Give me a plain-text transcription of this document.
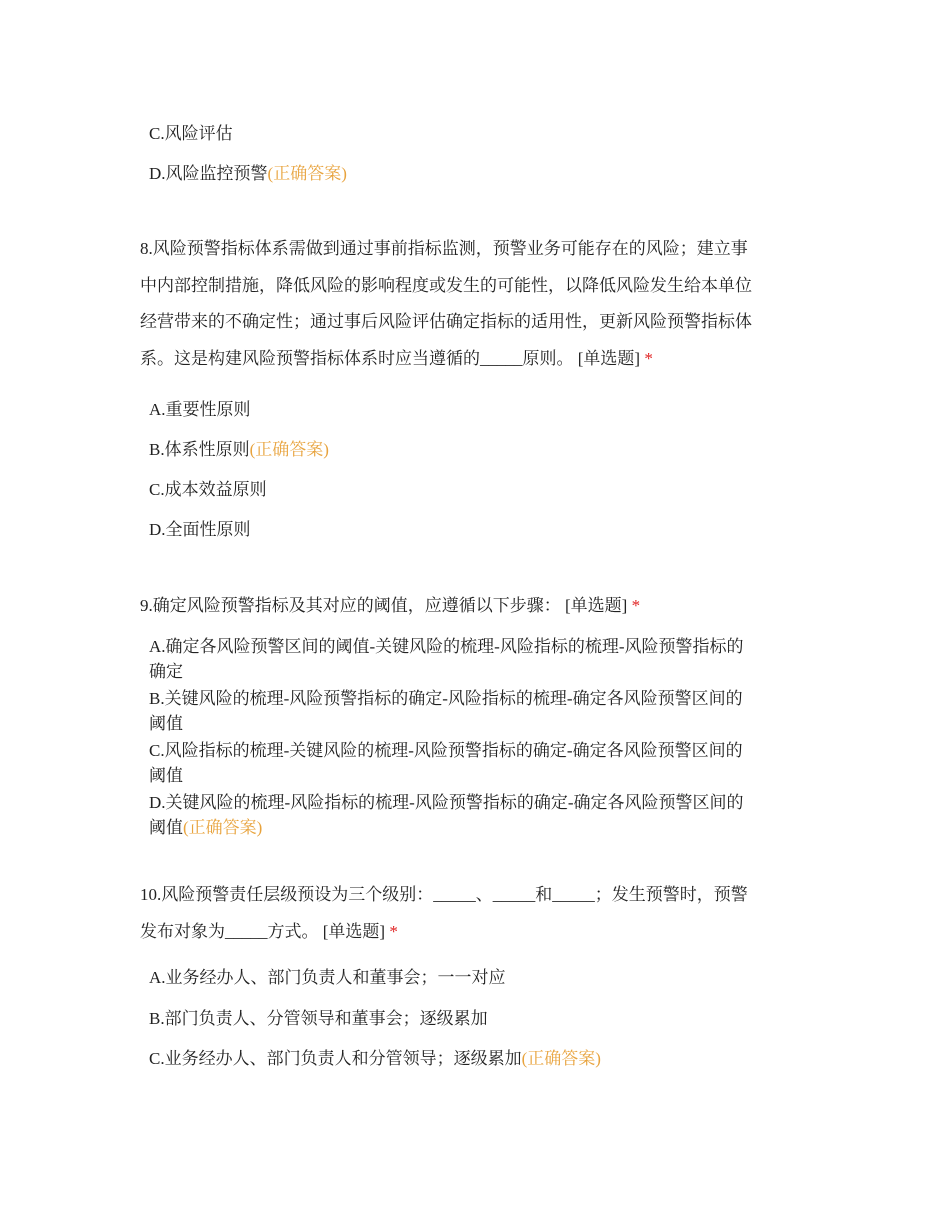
C.风险评估
D.风险监控预警(正确答案)
8.风险预警指标体系需做到通过事前指标监测，预警业务可能存在的风险；建立事
中内部控制措施，降低风险的影响程度或发生的可能性，以降低风险发生给本单位
经营带来的不确定性；通过事后风险评估确定指标的适用性，更新风险预警指标体
系。这是构建风险预警指标体系时应当遵循的_____原则。 [单选题] *
A.重要性原则
B.体系性原则(正确答案)
C.成本效益原则
D.全面性原则
9.确定风险预警指标及其对应的阈值，应遵循以下步骤： [单选题] *
A.确定各风险预警区间的阈值-关键风险的梳理-风险指标的梳理-风险预警指标的
确定
B.关键风险的梳理-风险预警指标的确定-风险指标的梳理-确定各风险预警区间的
阈值
C.风险指标的梳理-关键风险的梳理-风险预警指标的确定-确定各风险预警区间的
阈值
D.关键风险的梳理-风险指标的梳理-风险预警指标的确定-确定各风险预警区间的
阈值(正确答案)
10.风险预警责任层级预设为三个级别：_____、_____和_____；发生预警时，预警
发布对象为_____方式。 [单选题] *
A.业务经办人、部门负责人和董事会；一一对应
B.部门负责人、分管领导和董事会；逐级累加
C.业务经办人、部门负责人和分管领导；逐级累加(正确答案)
